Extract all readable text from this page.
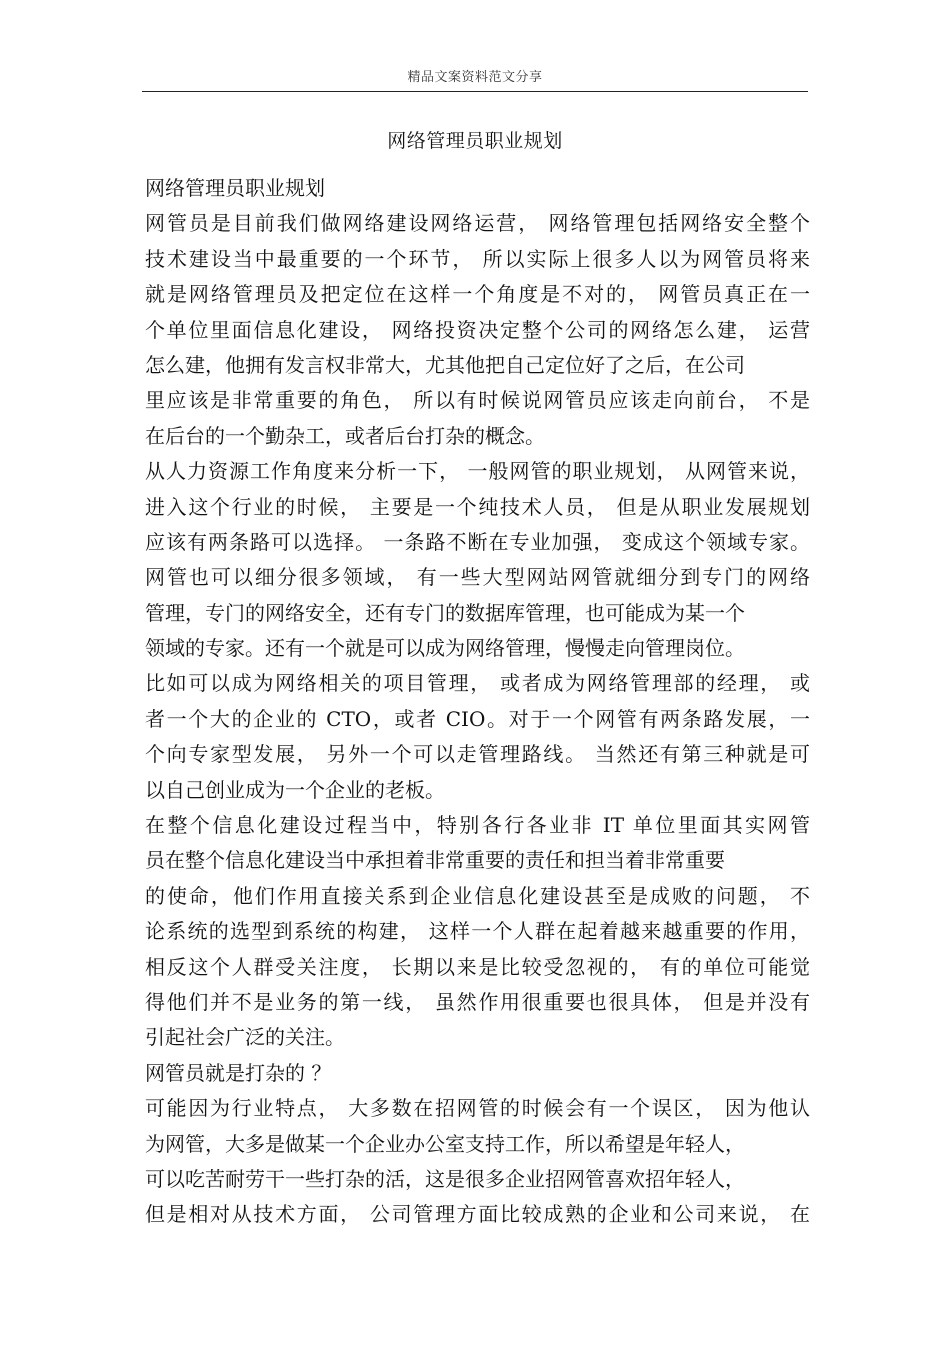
精品文案资料范文分享
网络管理员职业规划
网络管理员职业规划
网管员是目前我们做网络建设网络运营， 网络管理包括网络安全整个
技术建设当中最重要的一个环节， 所以实际上很多人以为网管员将来
就是网络管理员及把定位在这样一个角度是不对的， 网管员真正在一
个单位里面信息化建设， 网络投资决定整个公司的网络怎么建， 运营
怎么建，他拥有发言权非常大，尤其他把自己定位好了之后，在公司
里应该是非常重要的角色， 所以有时候说网管员应该走向前台， 不是
在后台的一个勤杂工，或者后台打杂的概念。
从人力资源工作角度来分析一下， 一般网管的职业规划， 从网管来说，
进入这个行业的时候， 主要是一个纯技术人员， 但是从职业发展规划
应该有两条路可以选择。 一条路不断在专业加强， 变成这个领域专家。
网管也可以细分很多领域， 有一些大型网站网管就细分到专门的网络
管理，专门的网络安全，还有专门的数据库管理，也可能成为某一个
领域的专家。还有一个就是可以成为网络管理，慢慢走向管理岗位。
比如可以成为网络相关的项目管理， 或者成为网络管理部的经理， 或
者一个大的企业的 CTO，或者 CIO。对于一个网管有两条路发展，一
个向专家型发展， 另外一个可以走管理路线。 当然还有第三种就是可
以自己创业成为一个企业的老板。
在整个信息化建设过程当中，特别各行各业非 IT 单位里面其实网管
员在整个信息化建设当中承担着非常重要的责任和担当着非常重要
的使命，他们作用直接关系到企业信息化建设甚至是成败的问题， 不
论系统的选型到系统的构建， 这样一个人群在起着越来越重要的作用，
相反这个人群受关注度， 长期以来是比较受忽视的， 有的单位可能觉
得他们并不是业务的第一线， 虽然作用很重要也很具体， 但是并没有
引起社会广泛的关注。
网管员就是打杂的 ？
可能因为行业特点， 大多数在招网管的时候会有一个误区， 因为他认
为网管，大多是做某一个企业办公室支持工作，所以希望是年轻人，
可以吃苦耐劳干一些打杂的活，这是很多企业招网管喜欢招年轻人，
但是相对从技术方面， 公司管理方面比较成熟的企业和公司来说， 在
